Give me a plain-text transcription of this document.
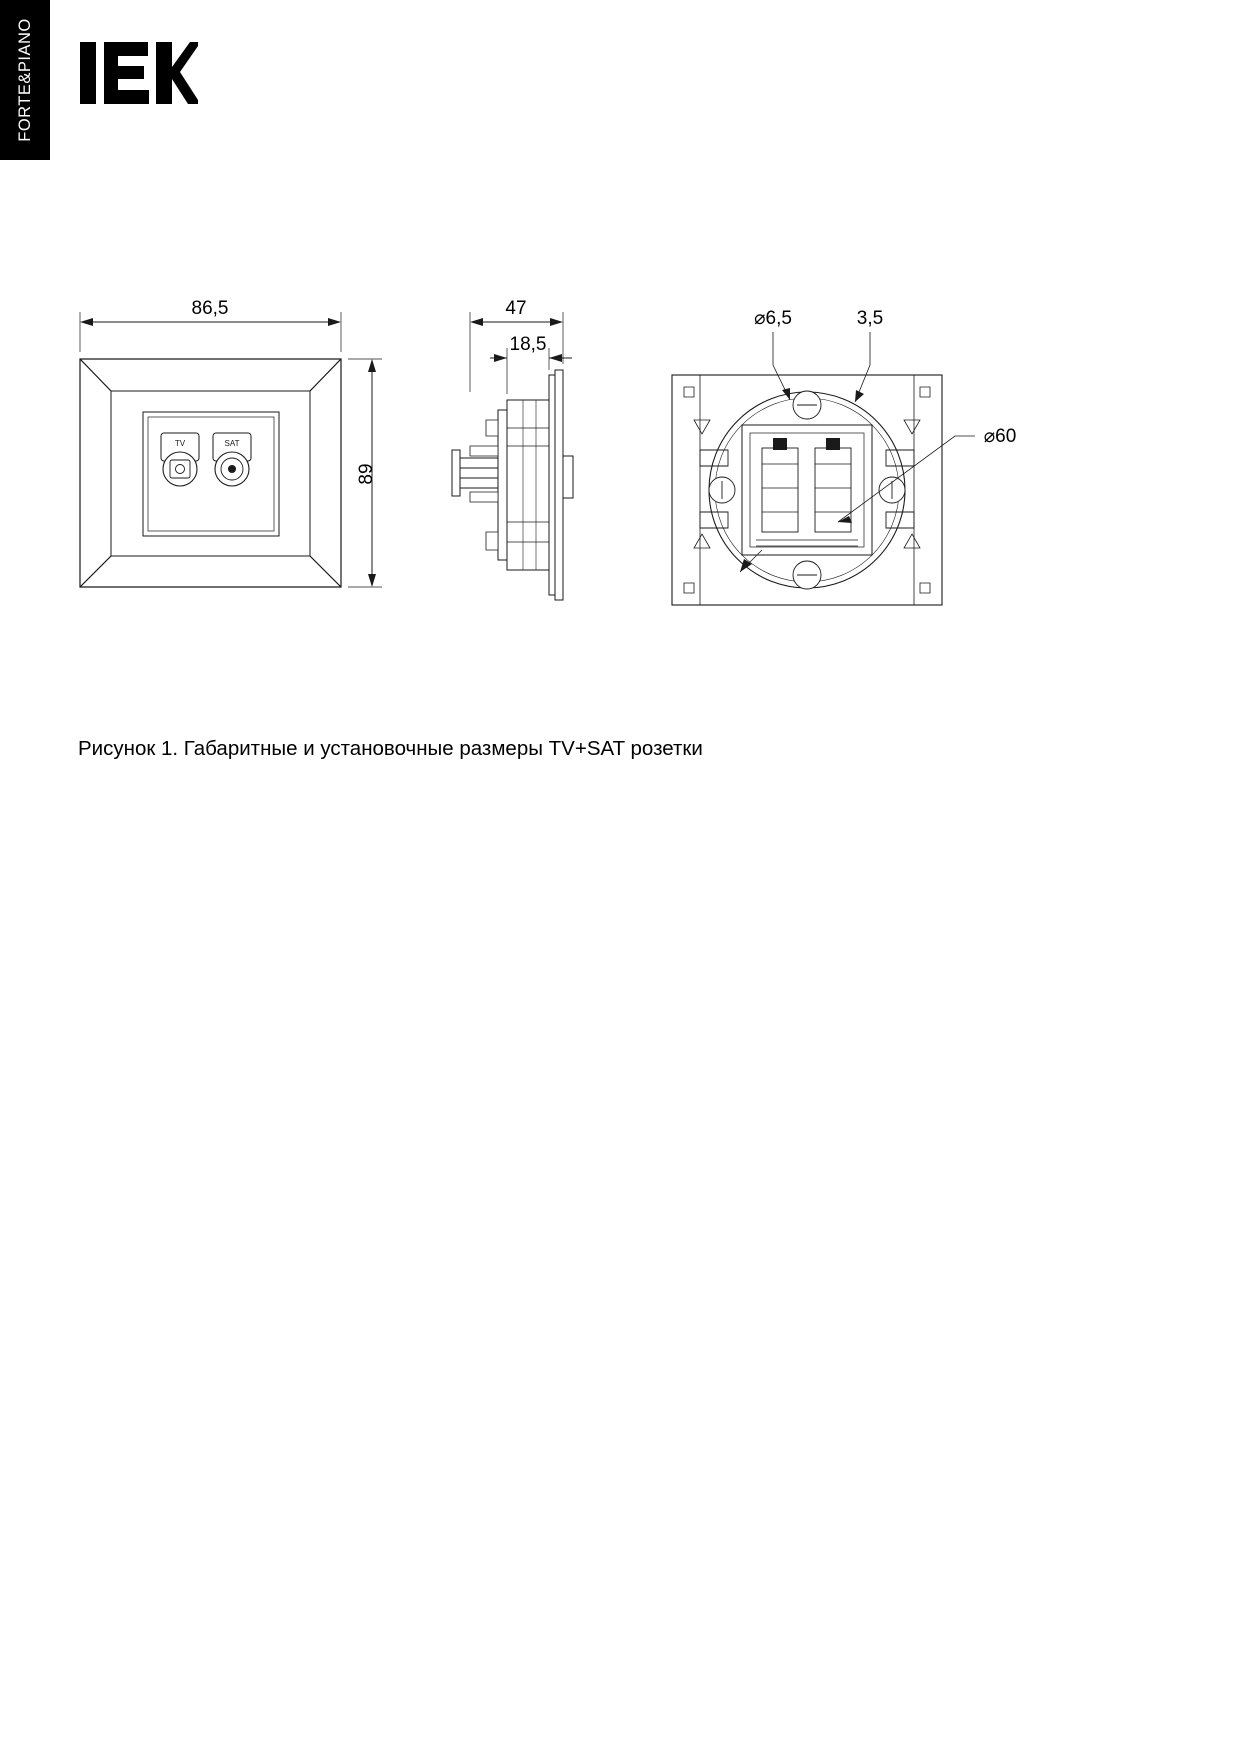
FORTE&PIANO
TV	SAT
86,5
89
47
18,5
⌀6,5	3,5
⌀60
Рисунок 1. Габаритные и установочные размеры TV+SAT розетки
